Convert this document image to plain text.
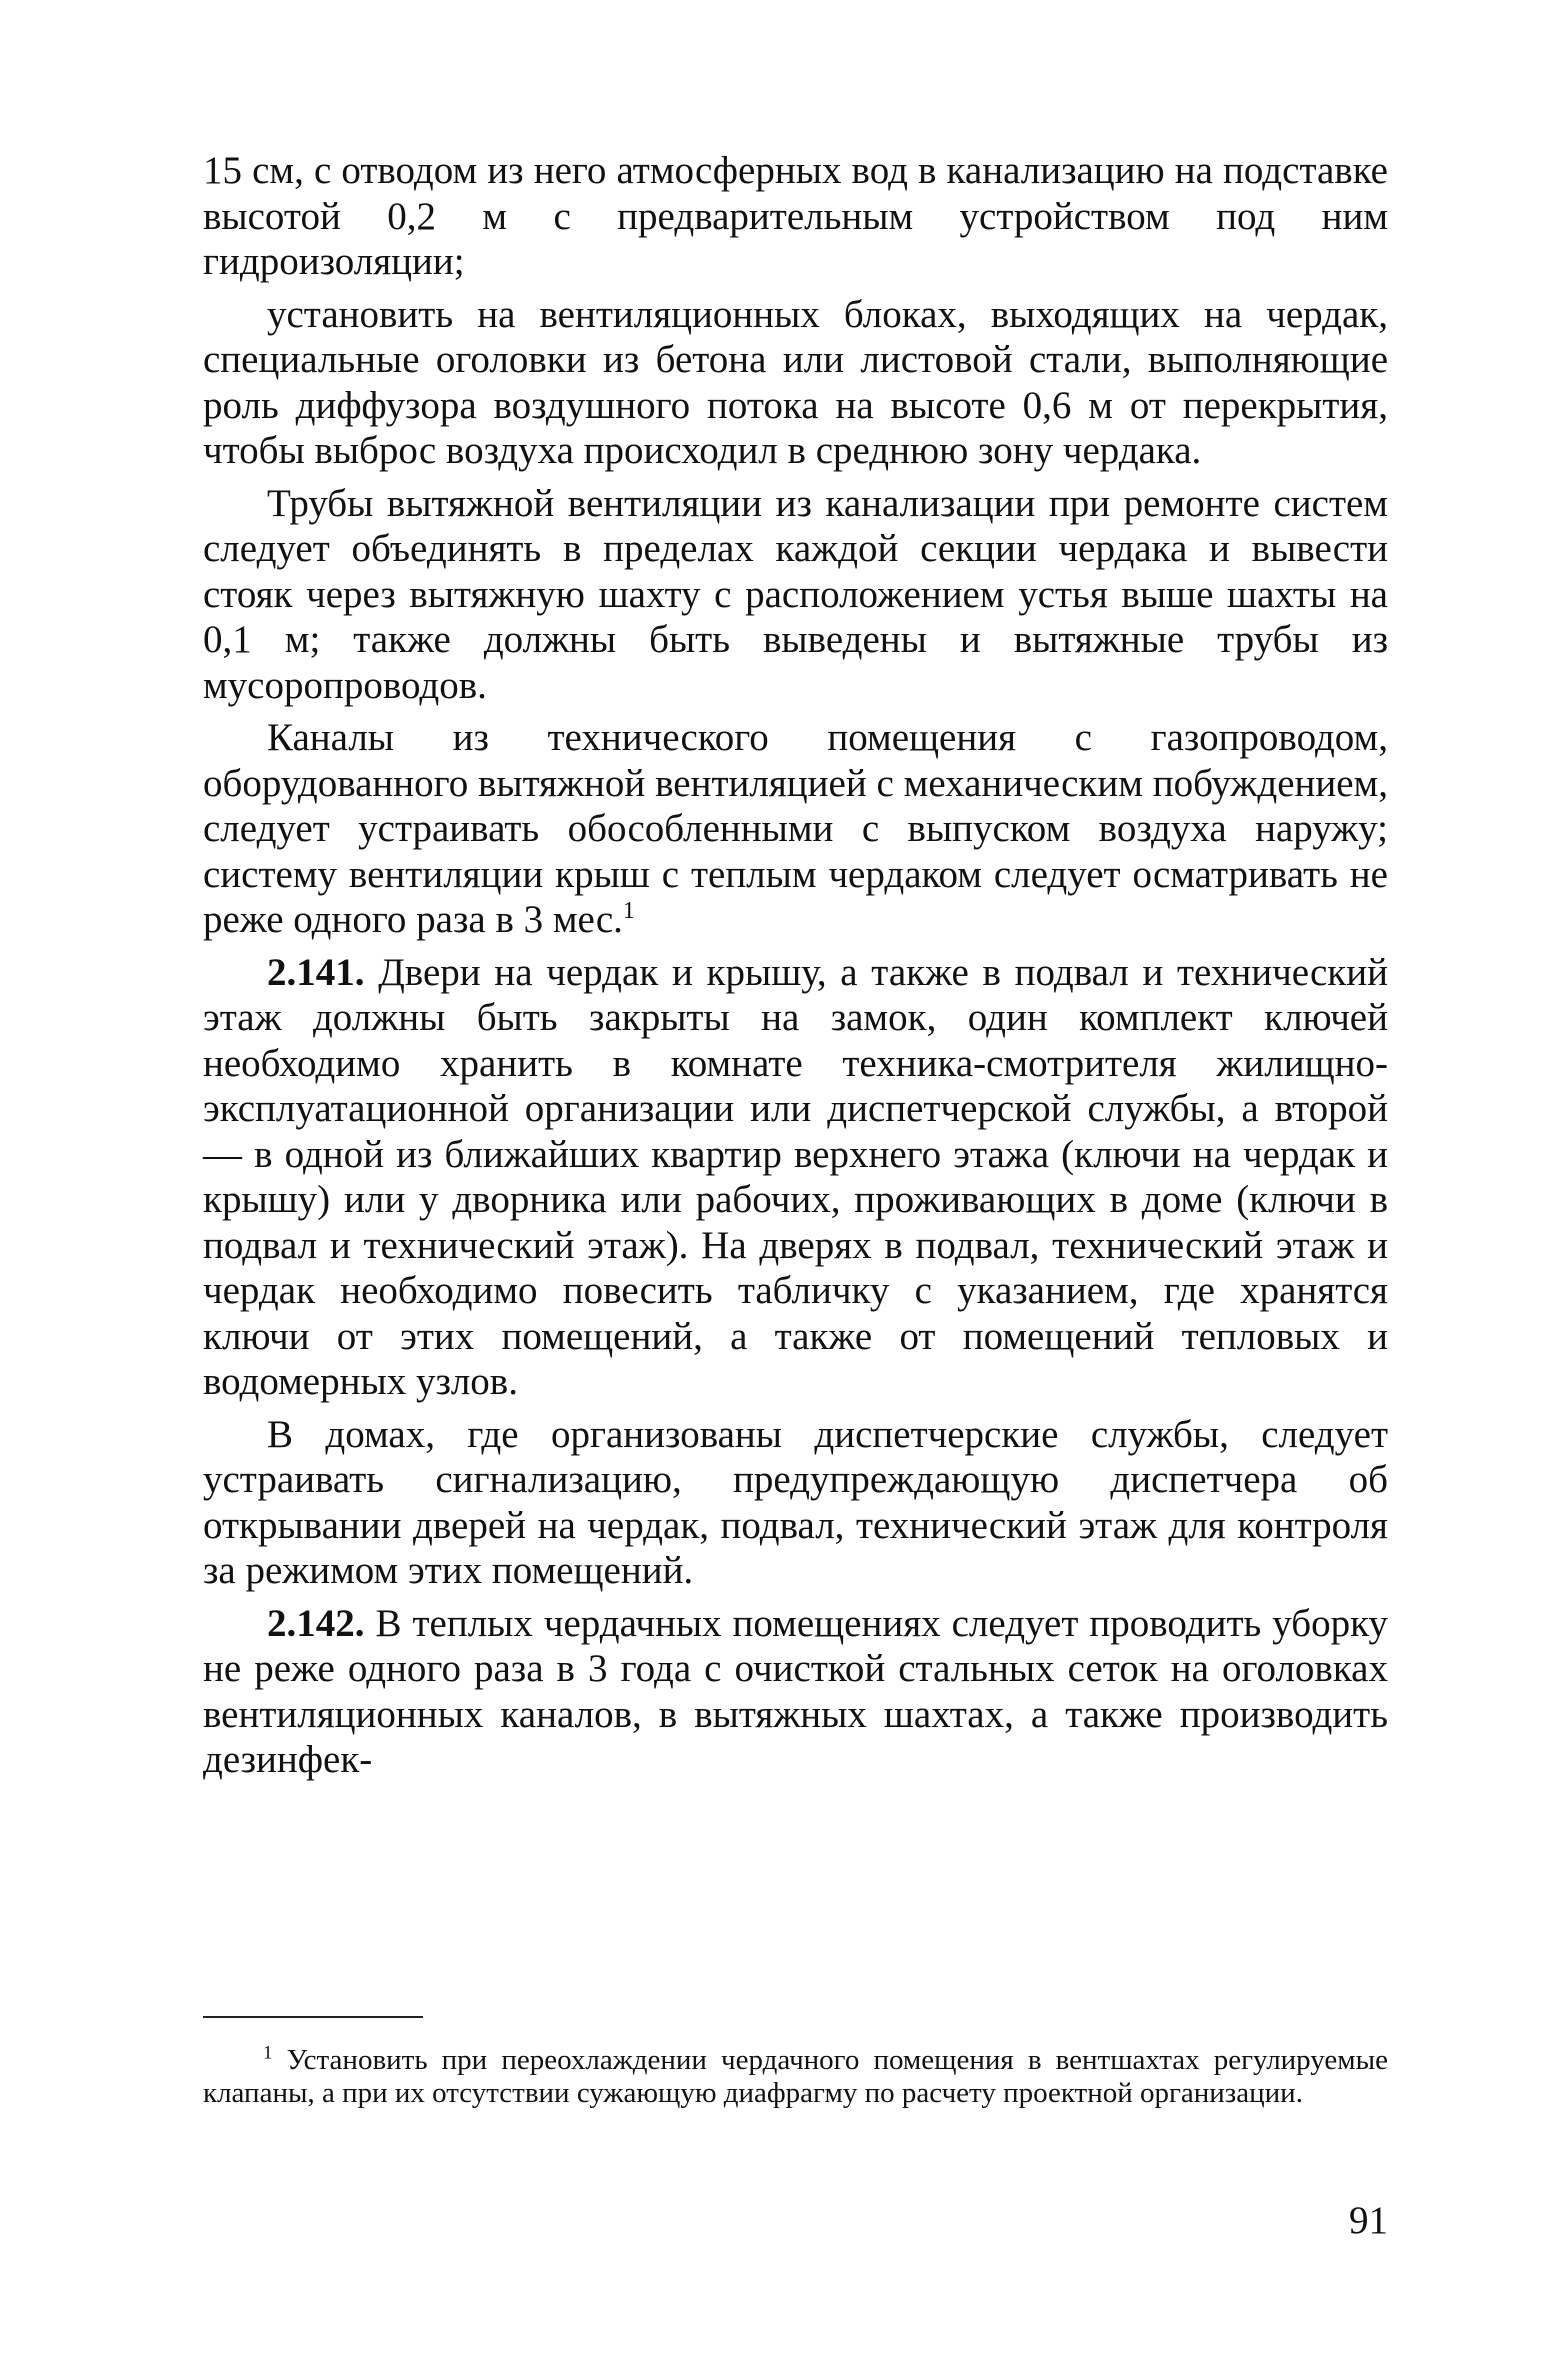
15 см, с отводом из него атмосферных вод в канализацию на подставке высотой 0,2 м с предварительным устройством под ним гидроизоляции;

установить на вентиляционных блоках, выходящих на чердак, специальные оголовки из бетона или листовой стали, выполняющие роль диффузора воздушного потока на высоте 0,6 м от перекрытия, чтобы выброс воздуха происходил в среднюю зону чердака.

Трубы вытяжной вентиляции из канализации при ремонте систем следует объединять в пределах каждой секции чердака и вывести стояк через вытяжную шахту с расположением устья выше шахты на 0,1 м; также должны быть выведены и вытяжные трубы из мусоропроводов.

Каналы из технического помещения с газопроводом, оборудованного вытяжной вентиляцией с механическим побуждением, следует устраивать обособленными с выпуском воздуха наружу; систему вентиляции крыш с теплым чердаком следует осматривать не реже одного раза в 3 мес.$^1$

2.141. Двери на чердак и крышу, а также в подвал и технический этаж должны быть закрыты на замок, один комплект ключей необходимо хранить в комнате техника-смотрителя жилищно-эксплуатационной организации или диспетчерской службы, а второй — в одной из ближайших квартир верхнего этажа (ключи на чердак и крышу) или у дворника или рабочих, проживающих в доме (ключи в подвал и технический этаж). На дверях в подвал, технический этаж и чердак необходимо повесить табличку с указанием, где хранятся ключи от этих помещений, а также от помещений тепловых и водомерных узлов.

В домах, где организованы диспетчерские службы, следует устраивать сигнализацию, предупреждающую диспетчера об открывании дверей на чердак, подвал, технический этаж для контроля за режимом этих помещений.

2.142. В теплых чердачных помещениях следует проводить уборку не реже одного раза в 3 года с очисткой стальных сеток на оголовках вентиляционных каналов, в вытяжных шахтах, а также производить дезинфек-

$^1$ Установить при переохлаждении чердачного помещения в вентшахтах регулируемые клапаны, а при их отсутствии сужающую диафрагму по расчету проектной организации.

91
